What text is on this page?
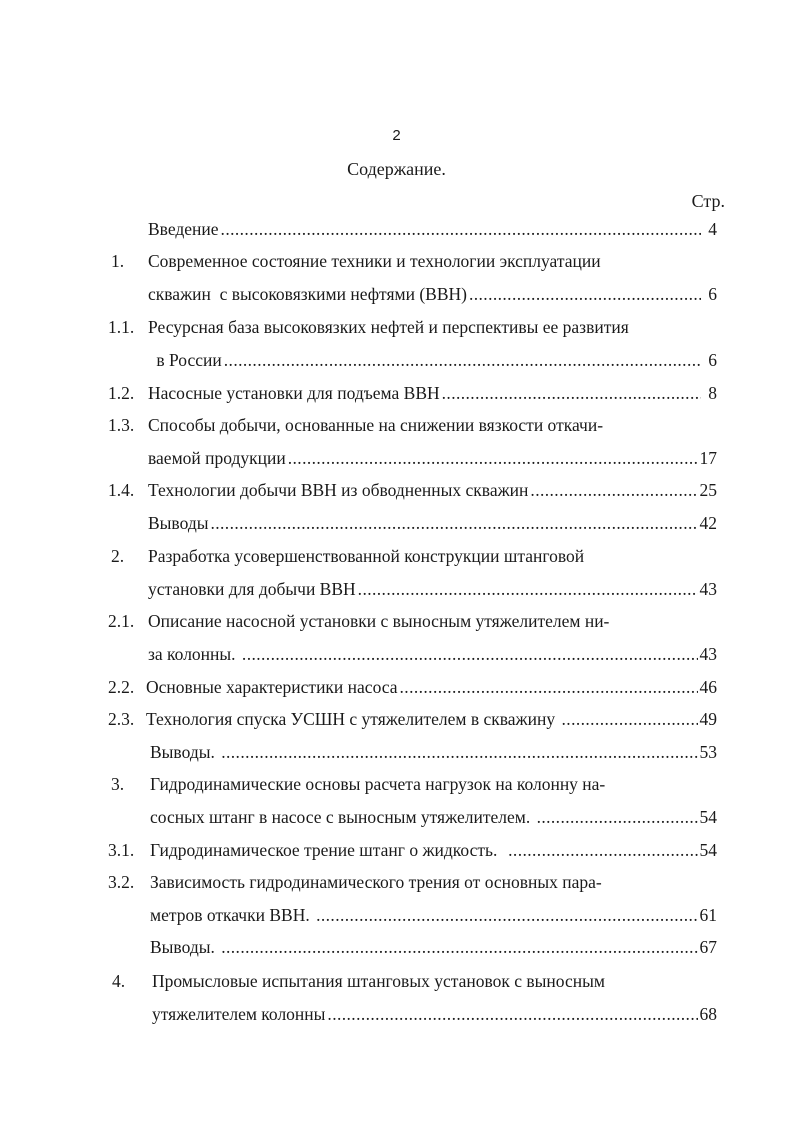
2
Содержание.
Стр.
Введение .....	4
1. Современное состояние техники и технологии эксплуатации
скважин  с высоковязкими нефтями (ВВН) .....	6
1.1. Ресурсная база высоковязких нефтей и перспективы ее развития
в России .....	6
1.2. Насосные установки для подъема ВВН .....	8
1.3. Способы добычи, основанные на снижении вязкости откачи-
ваемой продукции .....	17
1.4. Технологии добычи ВВН из обводненных скважин .....	25
Выводы .....	42
2. Разработка усовершенствованной конструкции штанговой
установки для добычи ВВН .....	43
2.1. Описание насосной установки с выносным утяжелителем ни-
за колонны. .....	43
2.2. Основные характеристики насоса .....	46
2.3. Технология спуска УСШН с утяжелителем в скважину .....	49
Выводы. .....	53
3. Гидродинамические основы расчета нагрузок на колонну на-
сосных штанг в насосе с выносным утяжелителем. .....	54
3.1. Гидродинамическое трение штанг о жидкость. .....	54
3.2. Зависимость гидродинамического трения от основных пара-
метров откачки ВВН. .....	61
Выводы. .....	67
4. Промысловые испытания штанговых установок с выносным
утяжелителем колонны .....	68
